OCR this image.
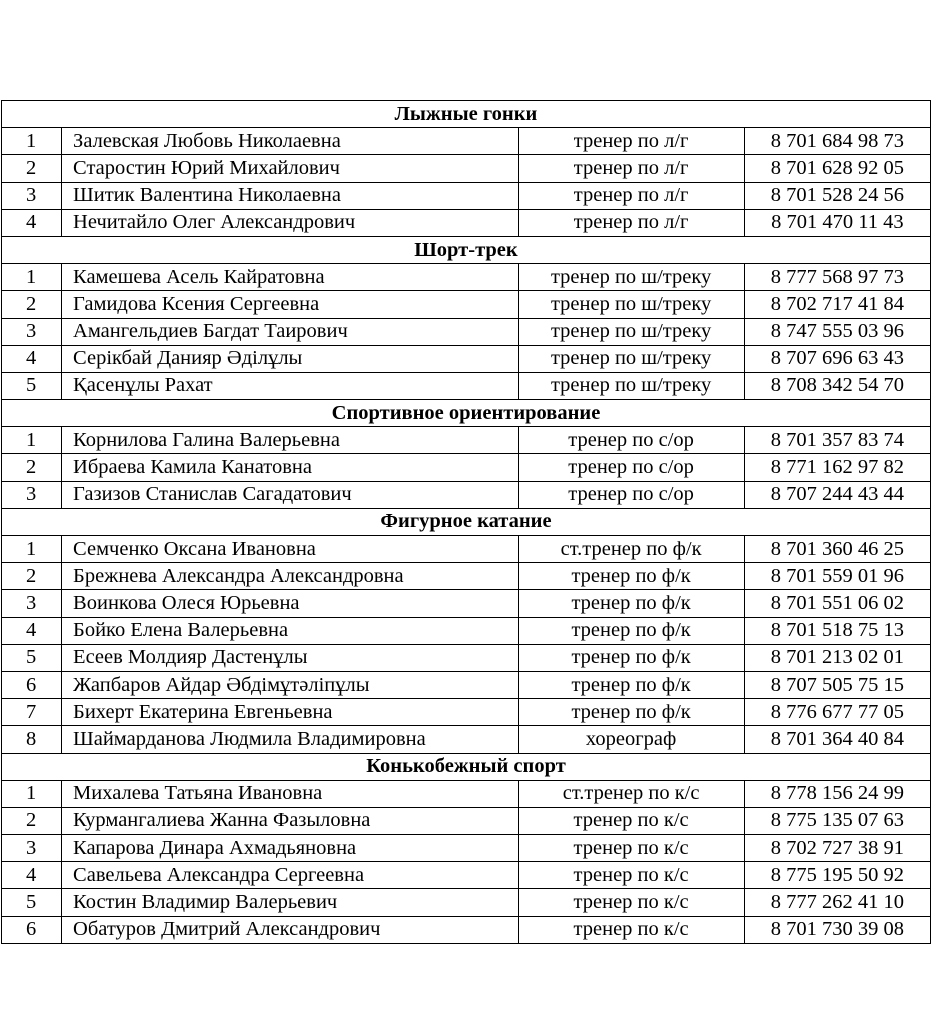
Лыжные гонки			
1	Залевская Любовь Николаевна	тренер по л/г	8 701 684 98 73
2	Старостин Юрий Михайлович	тренер по л/г	8 701 628 92 05
3	Шитик Валентина Николаевна	тренер по л/г	8 701 528 24 56
4	Нечитайло Олег Александрович	тренер по л/г	8 701 470 11 43
Шорт-трек			
1	Камешева Асель Кайратовна	тренер по ш/треку	8 777 568 97 73
2	Гамидова Ксения Сергеевна	тренер по ш/треку	8 702 717 41 84
3	Амангельдиев Багдат Таирович	тренер по ш/треку	8 747 555 03 96
4	Серікбай Данияр Әділұлы	тренер по ш/треку	8 707 696 63 43
5	Қасенұлы Рахат	тренер по ш/треку	8 708 342 54 70
Спортивное ориентирование			
1	Корнилова Галина Валерьевна	тренер по с/ор	8 701 357 83 74
2	Ибраева Камила Канатовна	тренер по с/ор	8 771 162 97 82
3	Газизов Станислав Сагадатович	тренер по с/ор	8 707 244 43 44
Фигурное катание			
1	Семченко Оксана Ивановна	ст.тренер по ф/к	8 701 360 46 25
2	Брежнева Александра Александровна	тренер по ф/к	8 701 559 01 96
3	Воинкова Олеся Юрьевна	тренер по ф/к	8 701 551 06 02
4	Бойко Елена Валерьевна	тренер по ф/к	8 701 518 75 13
5	Есеев Молдияр Дастенұлы	тренер по ф/к	8 701 213 02 01
6	Жапбаров Айдар Әбдімұтәліпұлы	тренер по ф/к	8 707 505 75 15
7	Бихерт Екатерина Евгеньевна	тренер по ф/к	8 776 677 77 05
8	Шаймарданова Людмила Владимировна	хореограф	8 701 364 40 84
Конькобежный спорт			
1	Михалева Татьяна Ивановна	ст.тренер по к/с	8 778 156 24 99
2	Курмангалиева Жанна Фазыловна	тренер по к/с	8 775 135 07 63
3	Капарова Динара Ахмадьяновна	тренер по к/с	8 702 727 38 91
4	Савельева Александра Сергеевна	тренер по к/с	8 775 195 50 92
5	Костин Владимир Валерьевич	тренер по к/с	8 777 262 41 10
6	Обатуров Дмитрий Александрович	тренер по к/с	8 701 730 39 08
